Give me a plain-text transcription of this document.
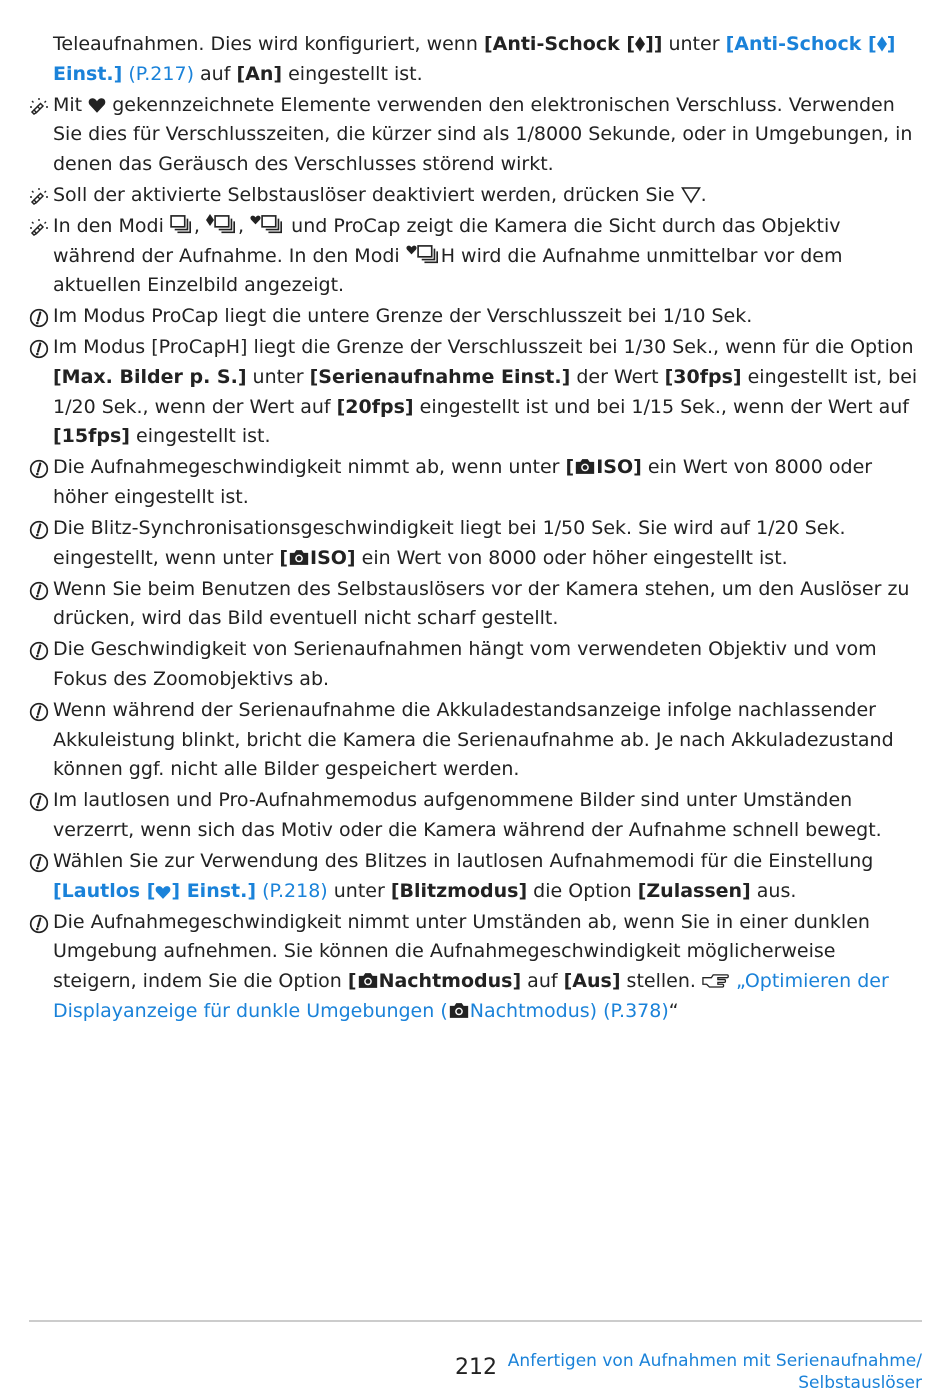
Teleaufnahmen. Dies wird konfiguriert, wenn [Anti-Schock [ ]] unter [Anti-Schock [ ] Einst.] (P.217) auf [An] eingestellt ist.
Mit  gekennzeichnete Elemente verwenden den elektronischen Verschluss. Verwenden Sie dies für Verschlusszeiten, die kürzer sind als 1/8000 Sekunde, oder in Umgebungen, in denen das Geräusch des Verschlusses störend wirkt.
Soll der aktivierte Selbstauslöser deaktiviert werden, drücken Sie .
In den Modi , ,  und ProCap zeigt die Kamera die Sicht durch das Objektiv während der Aufnahme. In den Modi H wird die Aufnahme unmittelbar vor dem aktuellen Einzelbild angezeigt.
Im Modus ProCap liegt die untere Grenze der Verschlusszeit bei 1/10 Sek.
Im Modus [ProCapH] liegt die Grenze der Verschlusszeit bei 1/30 Sek., wenn für die Option [Max. Bilder p. S.] unter [Serienaufnahme Einst.] der Wert [30fps] eingestellt ist, bei 1/20 Sek., wenn der Wert auf [20fps] eingestellt ist und bei 1/15 Sek., wenn der Wert auf [15fps] eingestellt ist.
Die Aufnahmegeschwindigkeit nimmt ab, wenn unter [ ISO] ein Wert von 8000 oder höher eingestellt ist.
Die Blitz-Synchronisationsgeschwindigkeit liegt bei 1/50 Sek. Sie wird auf 1/20 Sek. eingestellt, wenn unter [ ISO] ein Wert von 8000 oder höher eingestellt ist.
Wenn Sie beim Benutzen des Selbstauslösers vor der Kamera stehen, um den Auslöser zu drücken, wird das Bild eventuell nicht scharf gestellt.
Die Geschwindigkeit von Serienaufnahmen hängt vom verwendeten Objektiv und vom Fokus des Zoomobjektivs ab.
Wenn während der Serienaufnahme die Akkuladestandsanzeige infolge nachlassender Akkuleistung blinkt, bricht die Kamera die Serienaufnahme ab. Je nach Akkuladezustand können ggf. nicht alle Bilder gespeichert werden.
Im lautlosen und Pro-Aufnahmemodus aufgenommene Bilder sind unter Umständen verzerrt, wenn sich das Motiv oder die Kamera während der Aufnahme schnell bewegt.
Wählen Sie zur Verwendung des Blitzes in lautlosen Aufnahmemodi für die Einstellung [Lautlos [ ] Einst.] (P.218) unter [Blitzmodus] die Option [Zulassen] aus.
Die Aufnahmegeschwindigkeit nimmt unter Umständen ab, wenn Sie in einer dunklen Umgebung aufnehmen. Sie können die Aufnahmegeschwindigkeit möglicherweise steigern, indem Sie die Option [ Nachtmodus] auf [Aus] stellen.  „Optimieren der Displayanzeige für dunkle Umgebungen ( Nachtmodus) (P.378)“
212 Anfertigen von Aufnahmen mit Serienaufnahme/
Selbstauslöser
